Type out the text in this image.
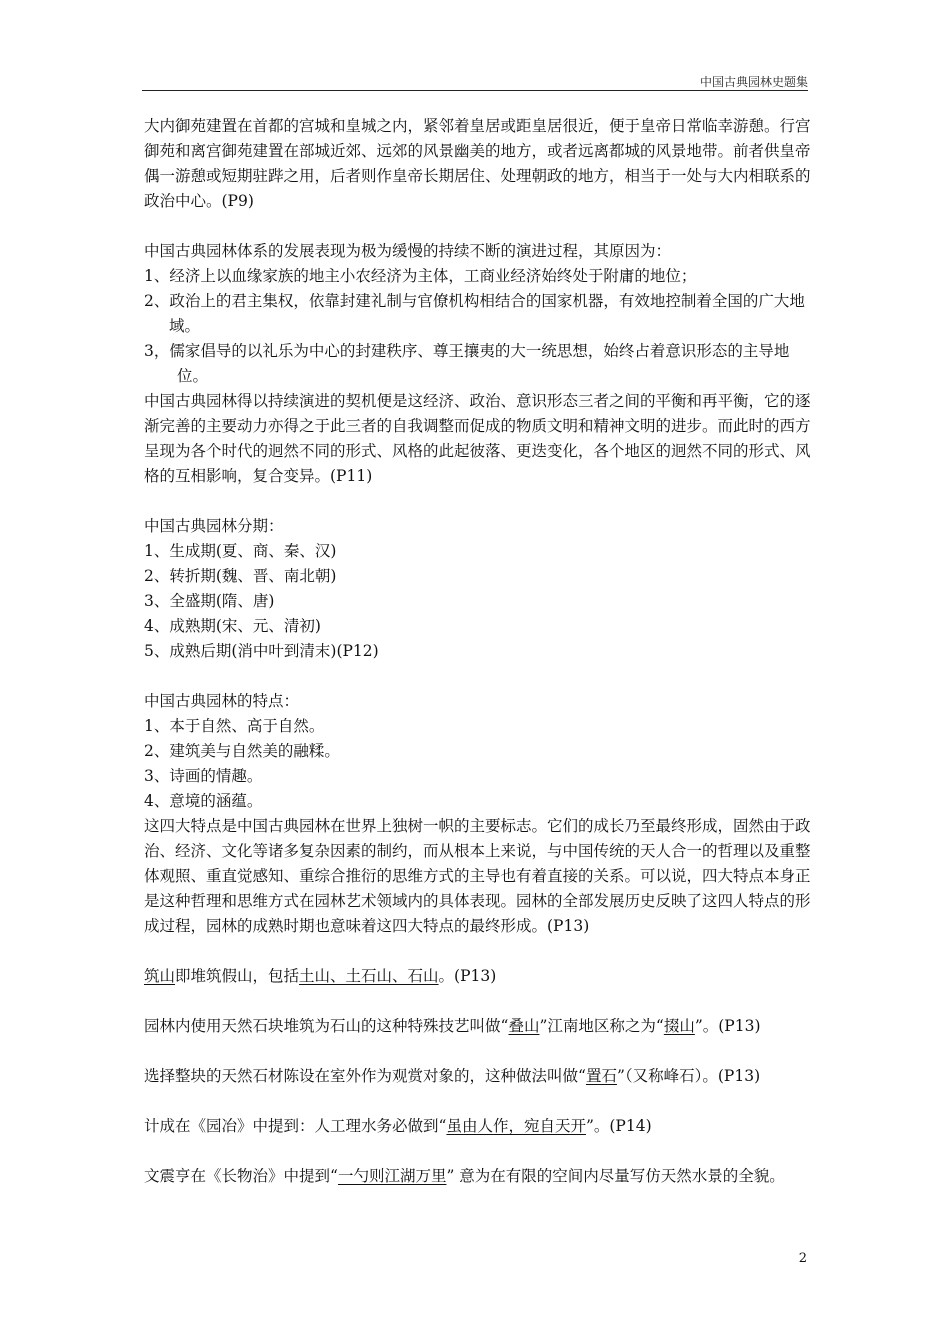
中国古典园林史题集

大内御苑建置在首都的宫城和皇城之内，紧邻着皇居或距皇居很近，便于皇帝日常临幸游憩。行宫御苑和离宫御苑建置在部城近郊、远郊的风景幽美的地方，或者远离都城的风景地带。前者供皇帝偶一游憩或短期驻跸之用，后者则作皇帝长期居住、处理朝政的地方，相当于一处与大内相联系的政治中心。(P9)

中国古典园林体系的发展表现为极为缓慢的持续不断的演进过程，其原因为：

1、经济上以血缘家族的地主小农经济为主体，工商业经济始终处于附庸的地位；

2、政治上的君主集权，依靠封建礼制与官僚机构相结合的国家机器，有效地控制着全国的广大地域。

3，儒家倡导的以礼乐为中心的封建秩序、尊王攘夷的大一统思想，始终占着意识形态的主导地位。

中国古典园林得以持续演进的契机便是这经济、政治、意识形态三者之间的平衡和再平衡，它的逐渐完善的主要动力亦得之于此三者的自我调整而促成的物质文明和精神文明的进步。而此时的西方呈现为各个时代的迥然不同的形式、风格的此起彼落、更迭变化，各个地区的迥然不同的形式、风格的互相影响，复合变异。(P11)

中国古典园林分期：

1、生成期(夏、商、秦、汉)

2、转折期(魏、晋、南北朝)

3、全盛期(隋、唐)

4、成熟期(宋、元、清初)

5、成熟后期(消中叶到清末)(P12)

中国古典园林的特点：

1、本于自然、高于自然。

2、建筑美与自然美的融糅。

3、诗画的情趣。

4、意境的涵蕴。

这四大特点是中国古典园林在世界上独树一帜的主要标志。它们的成长乃至最终形成，固然由于政治、经济、文化等诸多复杂因素的制约，而从根本上来说，与中国传统的天人合一的哲理以及重整体观照、重直觉感知、重综合推衍的思维方式的主导也有着直接的关系。可以说，四大特点本身正是这种哲理和思维方式在园林艺术领域内的具体表现。园林的全部发展历史反映了这四人特点的形成过程，园林的成熟时期也意味着这四大特点的最终形成。(P13)

筑山即堆筑假山，包括土山、土石山、石山。(P13)

园林内使用天然石块堆筑为石山的这种特殊技艺叫做“叠山”江南地区称之为“掇山”。(P13)

选择整块的天然石材陈设在室外作为观赏对象的，这种做法叫做“置石”（又称峰石）。(P13)

计成在《园冶》中提到：人工理水务必做到“虽由人作，宛自天开”。(P14)

文震亨在《长物治》中提到“一勺则江湖万里” 意为在有限的空间内尽量写仿天然水景的全貌。

2
